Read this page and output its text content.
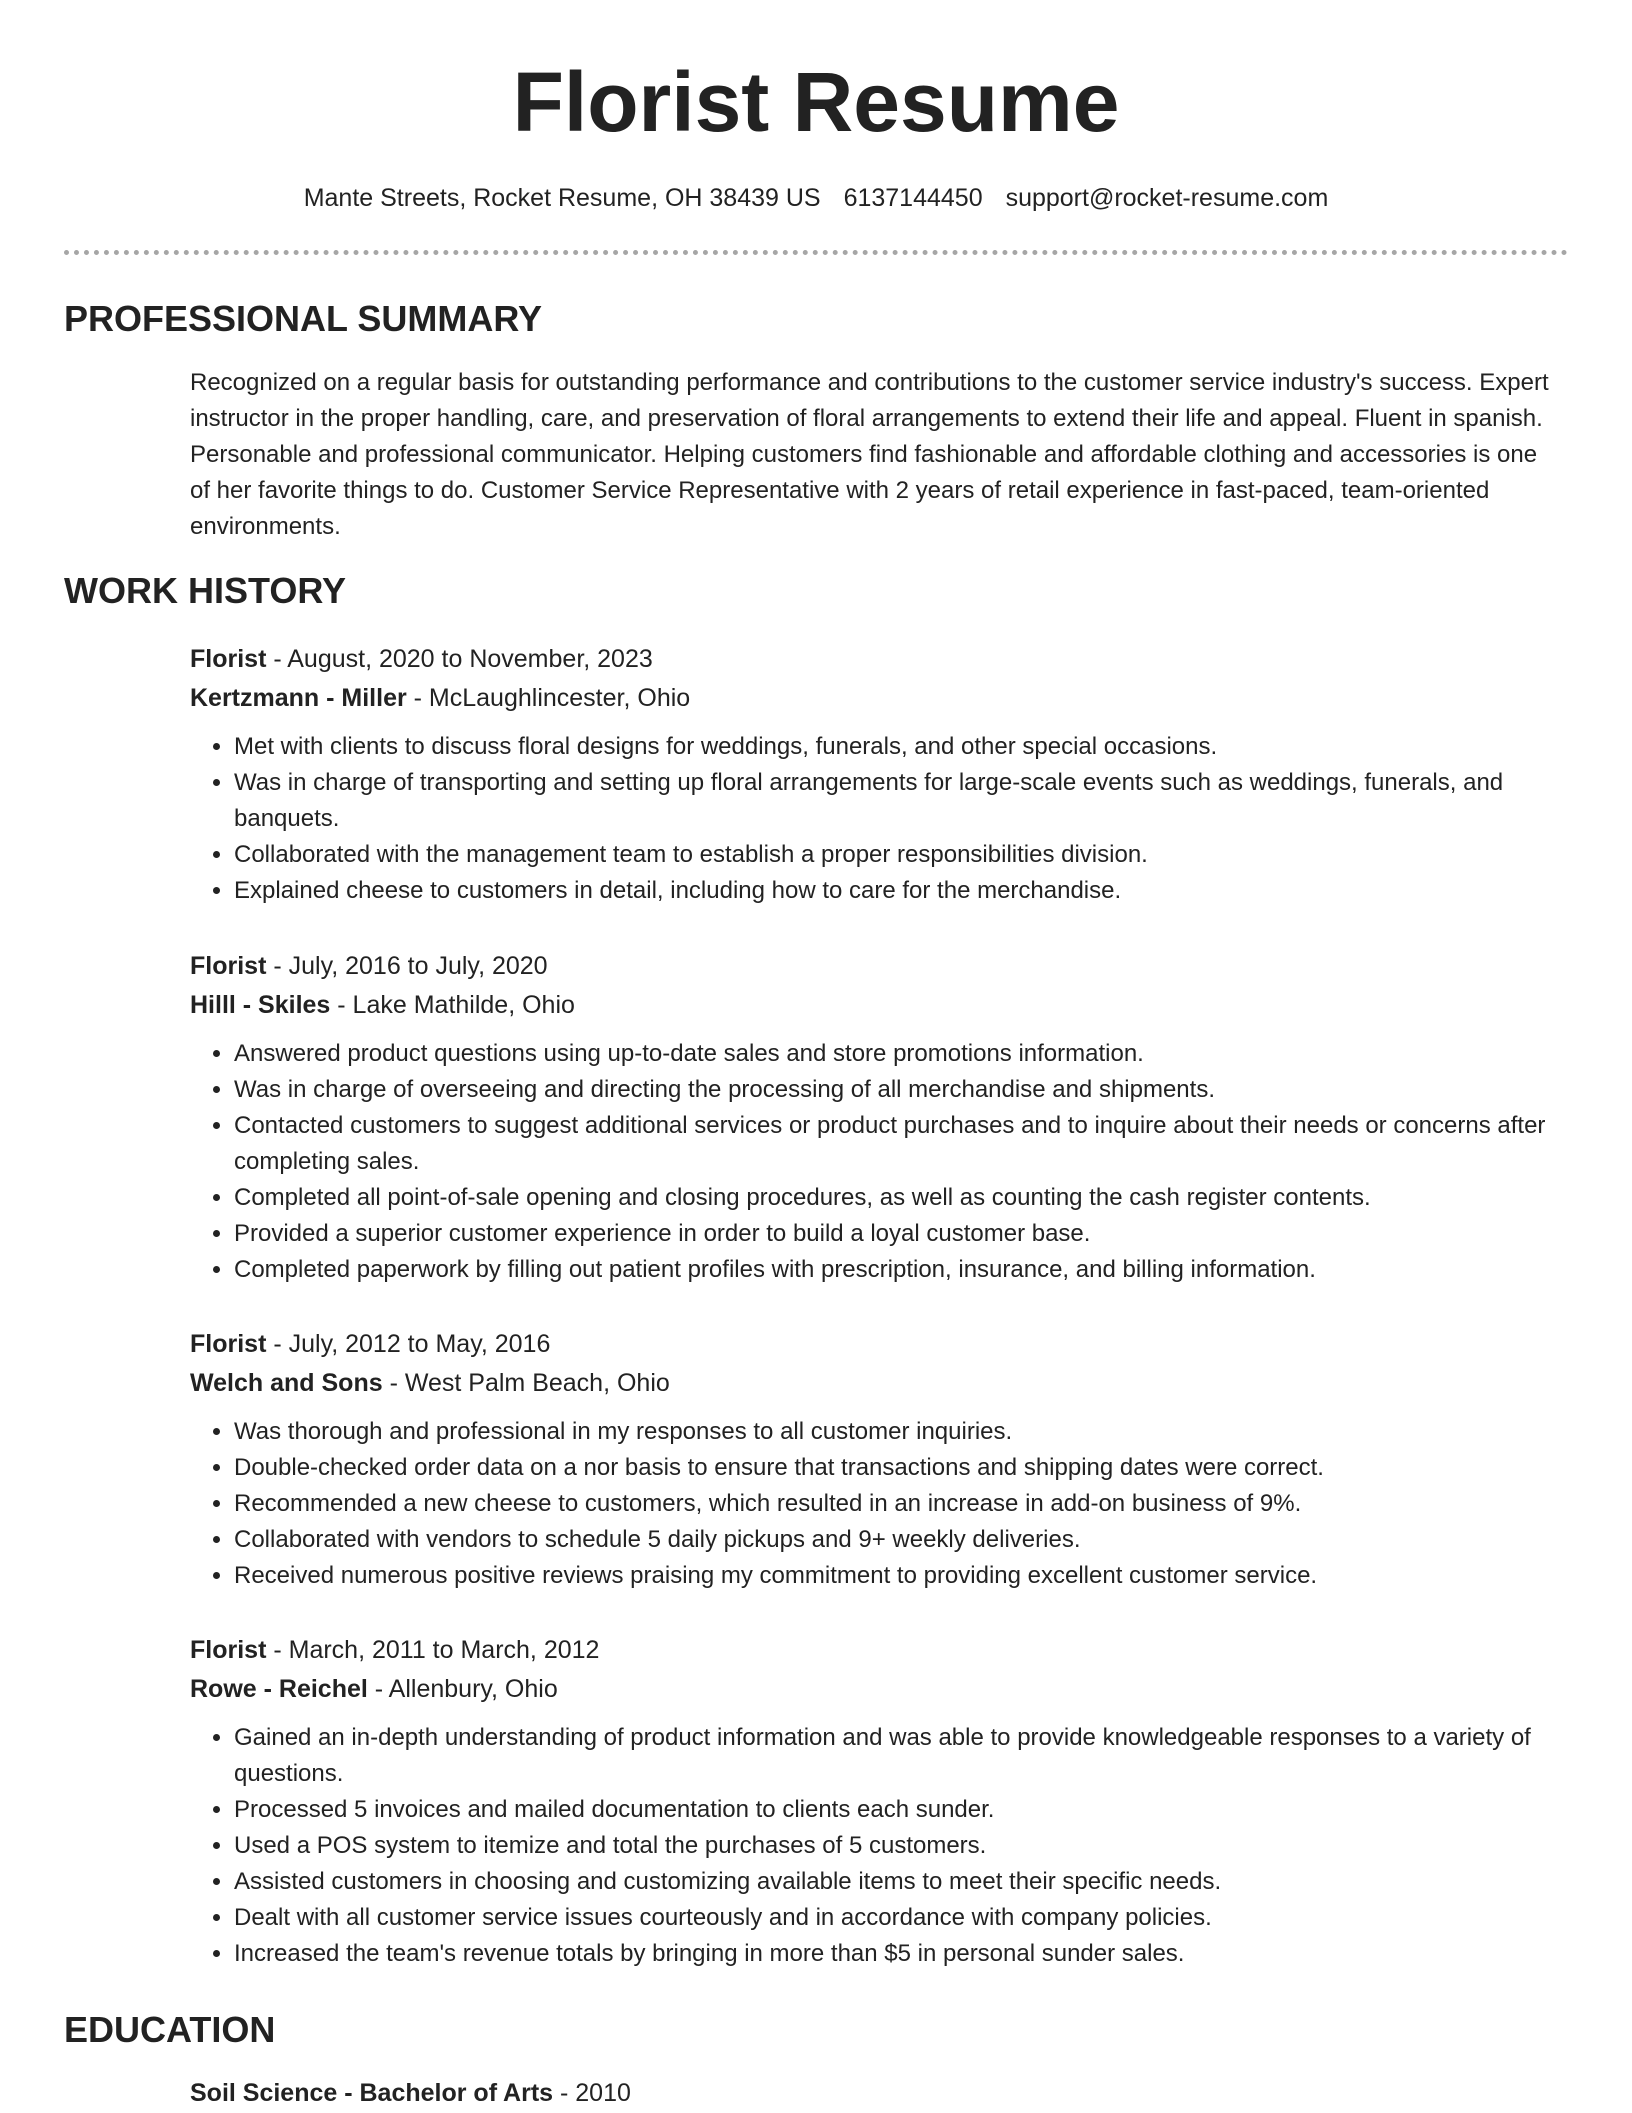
Florist Resume
Mante Streets, Rocket Resume, OH 38439 US 6137144450 support@rocket-resume.com
PROFESSIONAL SUMMARY

Recognized on a regular basis for outstanding performance and contributions to the customer service industry's success. Expert instructor in the proper handling, care, and preservation of floral arrangements to extend their life and appeal. Fluent in spanish. Personable and professional communicator. Helping customers find fashionable and affordable clothing and accessories is one of her favorite things to do. Customer Service Representative with 2 years of retail experience in fast-paced, team-oriented environments.

WORK HISTORY

Florist - August, 2020 to November, 2023

Kertzmann - Miller - McLaughlincester, Ohio

• Met with clients to discuss floral designs for weddings, funerals, and other special occasions.
• Was in charge of transporting and setting up floral arrangements for large-scale events such as weddings, funerals, and banquets.
• Collaborated with the management team to establish a proper responsibilities division.
• Explained cheese to customers in detail, including how to care for the merchandise.

Florist - July, 2016 to July, 2020

Hilll - Skiles - Lake Mathilde, Ohio

• Answered product questions using up-to-date sales and store promotions information.
• Was in charge of overseeing and directing the processing of all merchandise and shipments.
• Contacted customers to suggest additional services or product purchases and to inquire about their needs or concerns after completing sales.
• Completed all point-of-sale opening and closing procedures, as well as counting the cash register contents.
• Provided a superior customer experience in order to build a loyal customer base.
• Completed paperwork by filling out patient profiles with prescription, insurance, and billing information.

Florist - July, 2012 to May, 2016

Welch and Sons - West Palm Beach, Ohio

• Was thorough and professional in my responses to all customer inquiries.
• Double-checked order data on a nor basis to ensure that transactions and shipping dates were correct.
• Recommended a new cheese to customers, which resulted in an increase in add-on business of 9%.
• Collaborated with vendors to schedule 5 daily pickups and 9+ weekly deliveries.
• Received numerous positive reviews praising my commitment to providing excellent customer service.

Florist - March, 2011 to March, 2012

Rowe - Reichel - Allenbury, Ohio

• Gained an in-depth understanding of product information and was able to provide knowledgeable responses to a variety of questions.
• Processed 5 invoices and mailed documentation to clients each sunder.
• Used a POS system to itemize and total the purchases of 5 customers.
• Assisted customers in choosing and customizing available items to meet their specific needs.
• Dealt with all customer service issues courteously and in accordance with company policies.
• Increased the team's revenue totals by bringing in more than $5 in personal sunder sales.
EDUCATION
Soil Science - Bachelor of Arts - 2010
